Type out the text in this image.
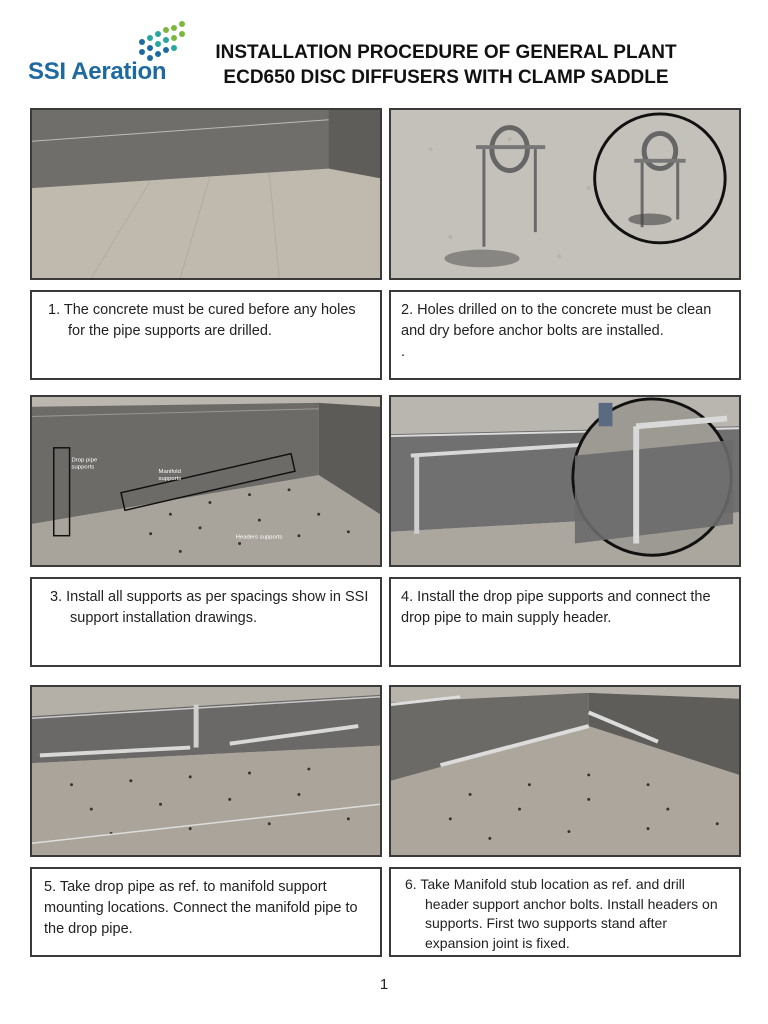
SSI Aeration
INSTALLATION PROCEDURE OF GENERAL PLANT ECD650 DISC DIFFUSERS WITH CLAMP SADDLE
1. The concrete must be cured before any holes for the pipe supports are drilled.
2. Holes drilled on to the concrete must be clean and dry before anchor bolts are installed.
.
Drop pipe
supports
Manifold
supports
Headers supports
3. Install all supports as per spacings show in SSI support installation drawings.
4. Install the drop pipe supports and connect the drop pipe to main supply header.
5. Take drop pipe as ref. to manifold support mounting locations. Connect the manifold pipe to the drop pipe.
6. Take Manifold stub location as ref. and drill header support anchor bolts. Install headers on supports. First two supports stand after expansion joint is fixed.
1
